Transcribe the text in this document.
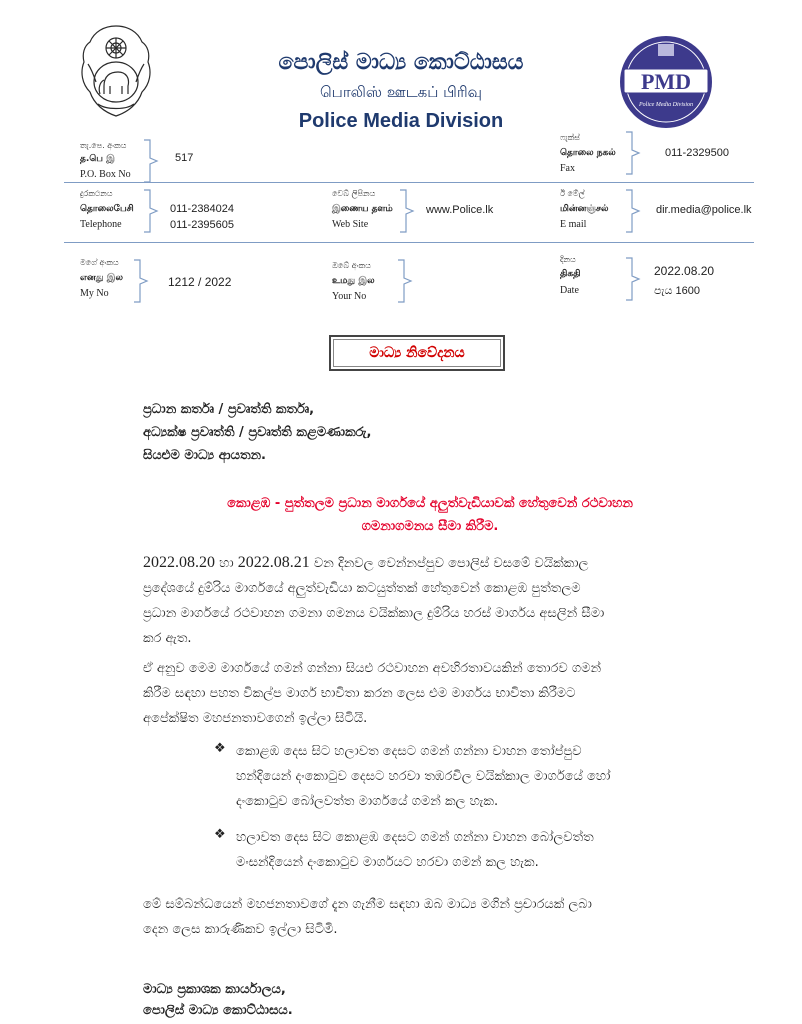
PMD
Police Media Division
පොලිස් මාධ්‍ය කොට්ඨාසය
பொலிஸ் ஊடகப் பிரிவு
Police Media Division
තැ.පෙ. අංකය
த.பெ இ
P.O. Box No
517
ෆැක්ස්
தொலை நகல்
Fax
011-2329500
දුරකථනය
தொலைபேசி
Telephone
011-2384024
011-2395605
වෙබ් ලිපිනය
இணைய தளம்
Web Site
www.Police.lk
ඊ මේල්
மின்னஞ்சல்
E mail
dir.media@police.lk
මගේ අංකය
எனது இல
My No
1212 / 2022
ඔබේ අංකය
உமது இல
Your No
දිනය
திகதி
Date
2022.08.20
පැය 1600
මාධ්‍ය නිවේදනය
ප්‍රධාන කර්තෘ / ප්‍රවෘත්ති කර්තෘ,
අධ්‍යක්ෂ ප්‍රවෘත්ති / ප්‍රවෘත්ති කළමණාකරු,
සියළුම මාධ්‍ය ආයතන.
කොළඹ - පුත්තලම ප්‍රධාන මාර්ගයේ අලුත්වැඩියාවක් හේතුවෙන් රථවාහන
ගමනාගමනය සීමා කිරීම.
2022.08.20 හා 2022.08.21 වන දිනවල වෙන්නප්පුව පොලිස් වසමේ වයික්කාල
ප්‍රදේශයේ දුම්රිය මාර්ගයේ අලුත්වැඩියා කටයුත්තක් හේතුවෙන් කොළඹ පුත්තලම
ප්‍රධාන මාර්ගයේ රථවාහන ගමනා ගමනය වයික්කාල දුම්රිය හරස් මාර්ගය අසලින් සීමා
කර ඇත.
ඒ අනුව මෙම මාර්ගයේ ගමන් ගන්නා සියළු රථවාහන අවහිරතාවයකින් තොරව ගමන්
කිරීම සඳහා පහත විකල්ප මාර්ග භාවිතා කරන ලෙස එම මාර්ගය භාවිතා කිරීමට
අපේක්ෂිත මහජනතාවගෙන් ඉල්ලා සිටියි.
❖ කොළඹ දෙස සිට හලාවත දෙසට ගමන් ගන්නා වාහන තෝප්පුව
හන්දියෙන් දංකොටුව දෙසට හරවා තඹරවිල වයික්කාල මාර්ගයේ හෝ
දංකොටුව බෝලවත්ත මාර්ගයේ ගමන් කල හැක.
❖ හලාවත දෙස සිට කොළඹ දෙසට ගමන් ගන්නා වාහන බෝලවත්ත
මංසන්දියෙන් දංකොටුව මාර්ගයට හරවා ගමන් කල හැක.
මේ සම්බන්ධයෙන් මහජනතාවගේ දැන ගැනීම සඳහා ඔබ මාධ්‍ය මගින් ප්‍රචාරයක් ලබා
දෙන ලෙස කාරුණිකව ඉල්ලා සිටිමි.
මාධ්‍ය ප්‍රකාශක කාර්යාලය,
පොලිස් මාධ්‍ය කොට්ඨාසය.
